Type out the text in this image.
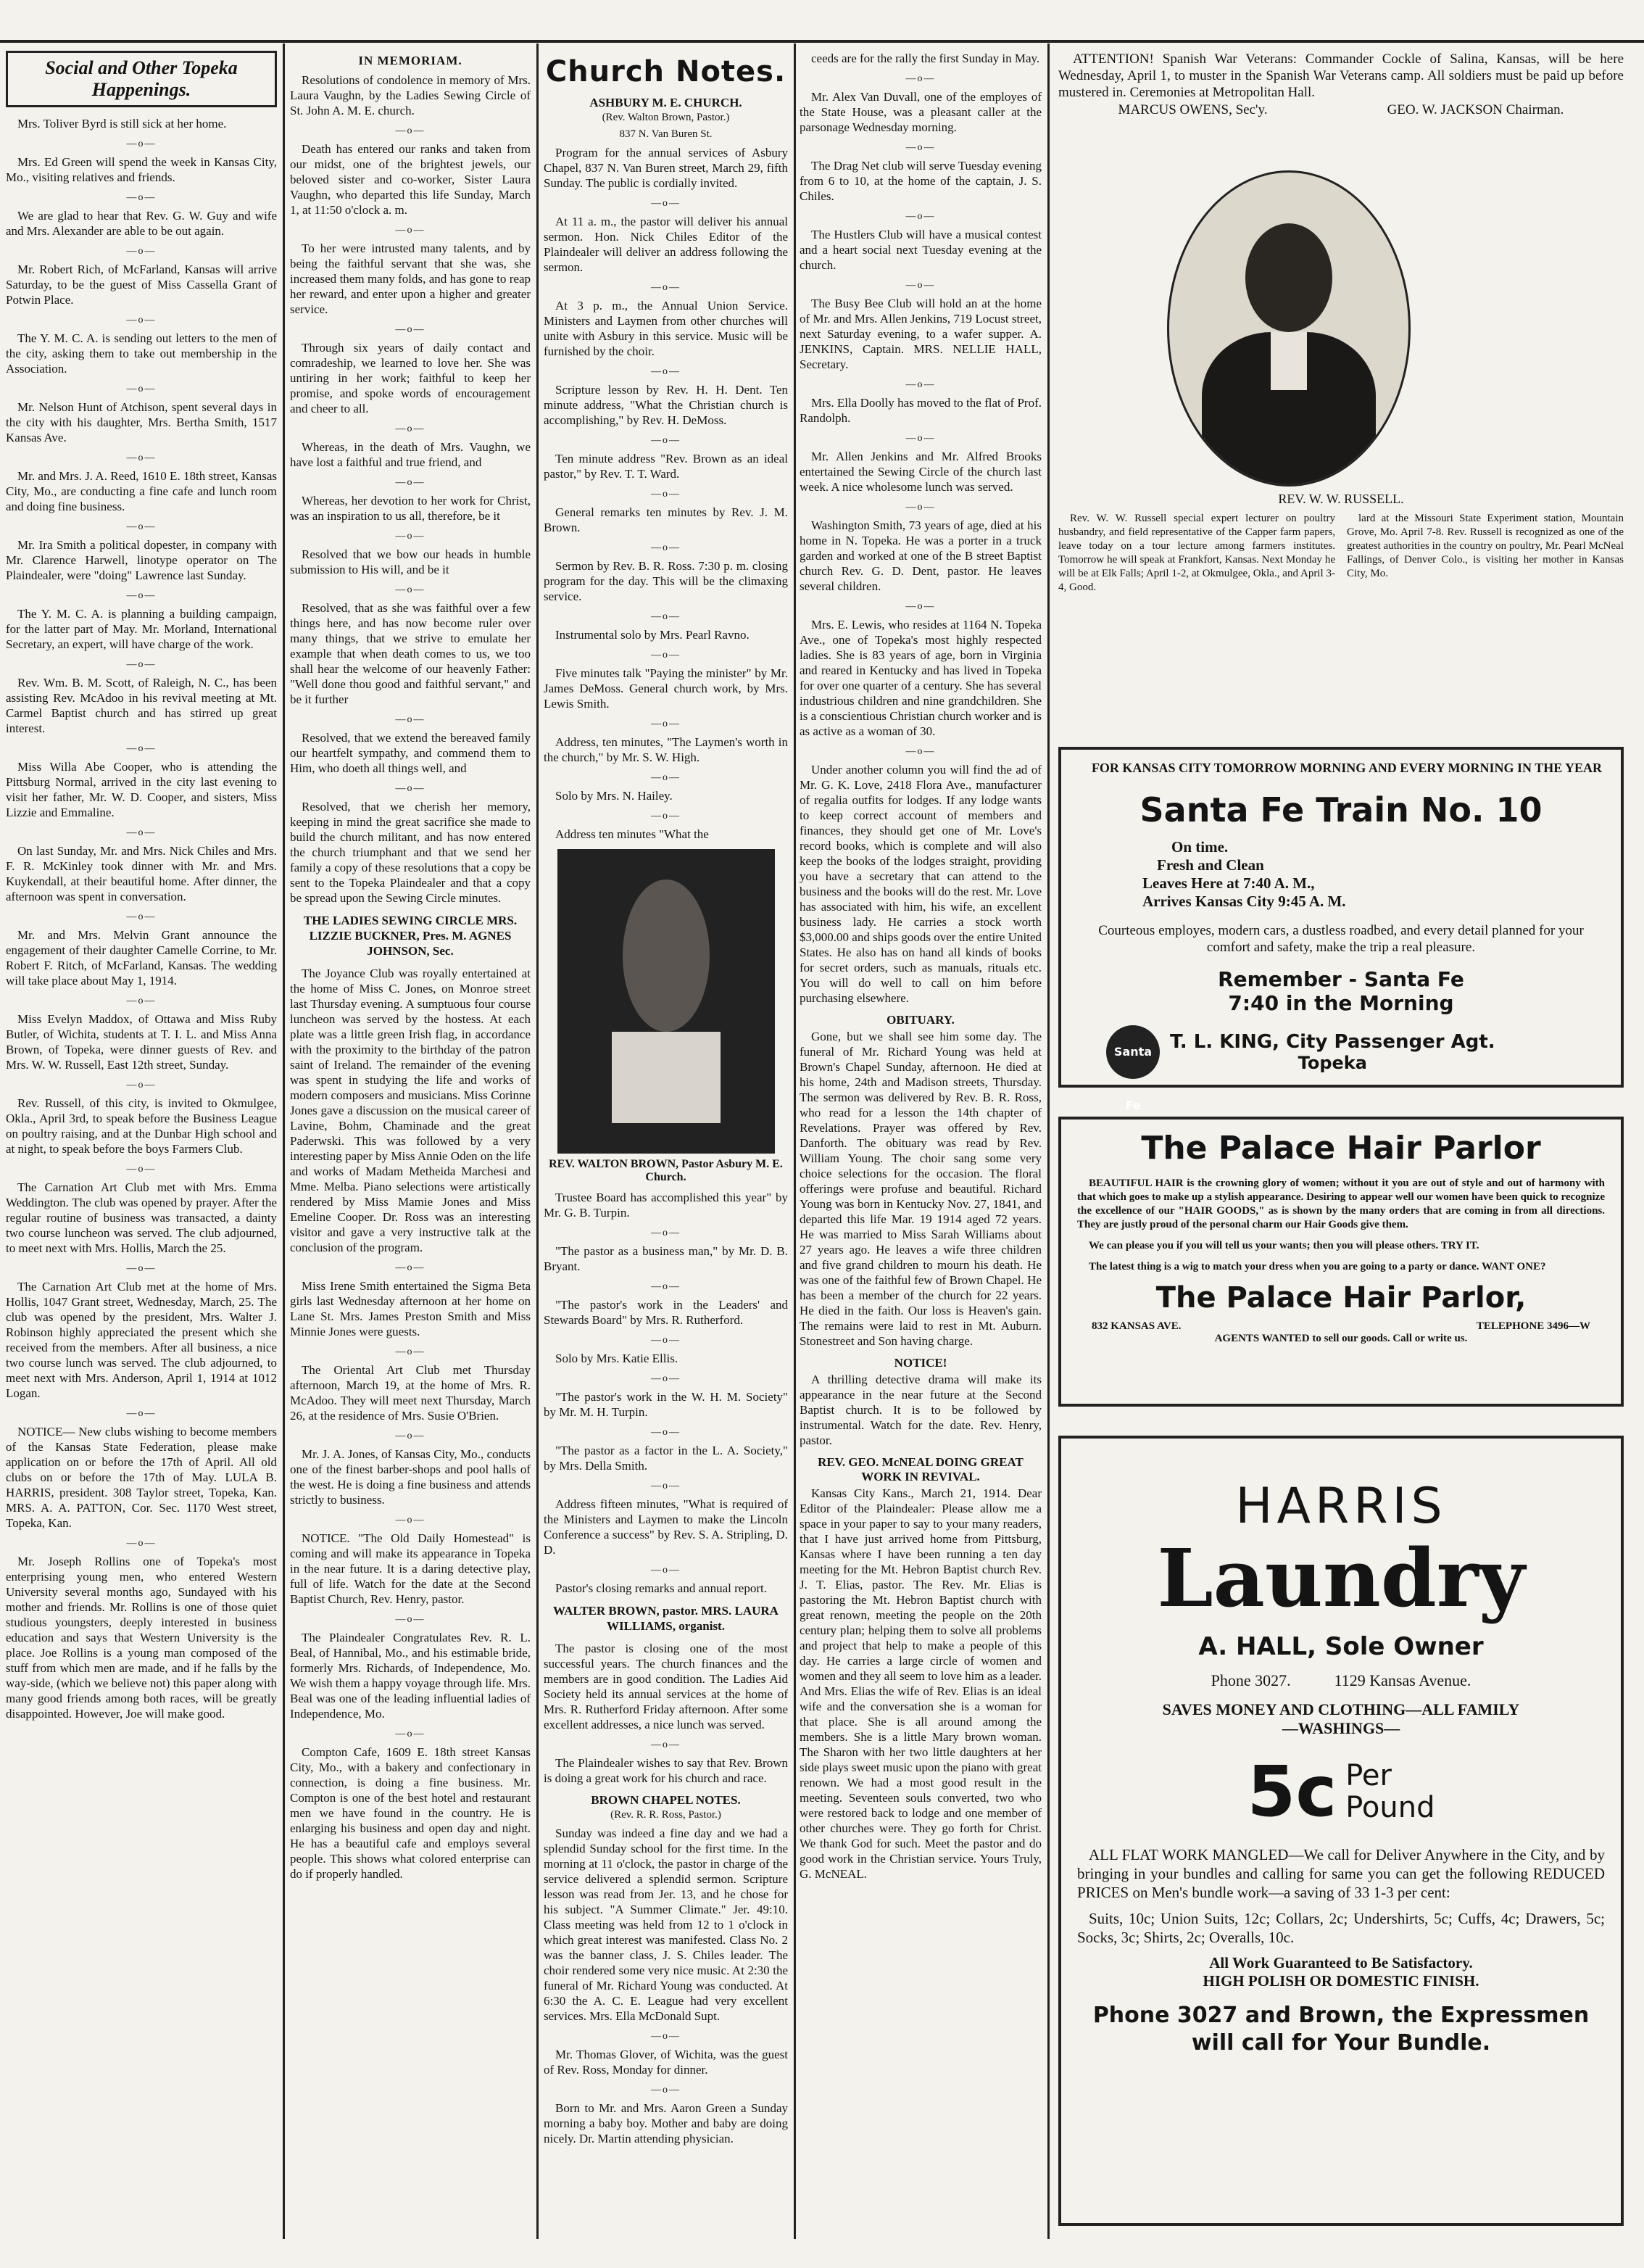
Social and Other Topeka Happenings.

Mrs. Toliver Byrd is still sick at her home.

—o—

Mrs. Ed Green will spend the week in Kansas City, Mo., visiting relatives and friends.

—o—

We are glad to hear that Rev. G. W. Guy and wife and Mrs. Alexander are able to be out again.

—o—

Mr. Robert Rich, of McFarland, Kansas will arrive Saturday, to be the guest of Miss Cassella Grant of Potwin Place.

—o—

The Y. M. C. A. is sending out letters to the men of the city, asking them to take out membership in the Association.

—o—

Mr. Nelson Hunt of Atchison, spent several days in the city with his daughter, Mrs. Bertha Smith, 1517 Kansas Ave.

—o—

Mr. and Mrs. J. A. Reed, 1610 E. 18th street, Kansas City, Mo., are conducting a fine cafe and lunch room and doing fine business.

—o—

Mr. Ira Smith a political dopester, in company with Mr. Clarence Harwell, linotype operator on The Plaindealer, were "doing" Lawrence last Sunday.

—o—

The Y. M. C. A. is planning a building campaign, for the latter part of May. Mr. Morland, International Secretary, an expert, will have charge of the work.

—o—

Rev. Wm. B. M. Scott, of Raleigh, N. C., has been assisting Rev. McAdoo in his revival meeting at Mt. Carmel Baptist church and has stirred up great interest.

—o—

Miss Willa Abe Cooper, who is attending the Pittsburg Normal, arrived in the city last evening to visit her father, Mr. W. D. Cooper, and sisters, Miss Lizzie and Emmaline.

—o—

On last Sunday, Mr. and Mrs. Nick Chiles and Mrs. F. R. McKinley took dinner with Mr. and Mrs. Kuykendall, at their beautiful home. After dinner, the afternoon was spent in conversation.

—o—

Mr. and Mrs. Melvin Grant announce the engagement of their daughter Camelle Corrine, to Mr. Robert F. Ritch, of McFarland, Kansas. The wedding will take place about May 1, 1914.

—o—

Miss Evelyn Maddox, of Ottawa and Miss Ruby Butler, of Wichita, students at T. I. L. and Miss Anna Brown, of Topeka, were dinner guests of Rev. and Mrs. W. W. Russell, East 12th street, Sunday.

—o—

Rev. Russell, of this city, is invited to Okmulgee, Okla., April 3rd, to speak before the Business League on poultry raising, and at the Dunbar High school and at night, to speak before the boys Farmers Club.

—o—

The Carnation Art Club met with Mrs. Emma Weddington. The club was opened by prayer. After the regular routine of business was transacted, a dainty two course luncheon was served. The club adjourned, to meet next with Mrs. Hollis, March the 25.

—o—

The Carnation Art Club met at the home of Mrs. Hollis, 1047 Grant street, Wednesday, March, 25. The club was opened by the president, Mrs. Walter J. Robinson highly appreciated the present which she received from the members. After all business, a nice two course lunch was served. The club adjourned, to meet next with Mrs. Anderson, April 1, 1914 at 1012 Logan.

—o—

NOTICE— New clubs wishing to become members of the Kansas State Federation, please make application on or before the 17th of April. All old clubs on or before the 17th of May. LULA B. HARRIS, president. 308 Taylor street, Topeka, Kan. MRS. A. A. PATTON, Cor. Sec. 1170 West street, Topeka, Kan.

—o—

Mr. Joseph Rollins one of Topeka's most enterprising young men, who entered Western University several months ago, Sundayed with his mother and friends. Mr. Rollins is one of those quiet studious youngsters, deeply interested in business education and says that Western University is the place. Joe Rollins is a young man composed of the stuff from which men are made, and if he falls by the way-side, (which we believe not) this paper along with many good friends among both races, will be greatly disappointed. However, Joe will make good.

IN MEMORIAM.

Resolutions of condolence in memory of Mrs. Laura Vaughn, by the Ladies Sewing Circle of St. John A. M. E. church.

—o—

Death has entered our ranks and taken from our midst, one of the brightest jewels, our beloved sister and co-worker, Sister Laura Vaughn, who departed this life Sunday, March 1, at 11:50 o'clock a. m.

—o—

To her were intrusted many talents, and by being the faithful servant that she was, she increased them many folds, and has gone to reap her reward, and enter upon a higher and greater service.

—o—

Through six years of daily contact and comradeship, we learned to love her. She was untiring in her work; faithful to keep her promise, and spoke words of encouragement and cheer to all.

—o—

Whereas, in the death of Mrs. Vaughn, we have lost a faithful and true friend, and

—o—

Whereas, her devotion to her work for Christ, was an inspiration to us all, therefore, be it

—o—

Resolved that we bow our heads in humble submission to His will, and be it

—o—

Resolved, that as she was faithful over a few things here, and has now become ruler over many things, that we strive to emulate her example that when death comes to us, we too shall hear the welcome of our heavenly Father: "Well done thou good and faithful servant," and be it further

—o—

Resolved, that we extend the bereaved family our heartfelt sympathy, and commend them to Him, who doeth all things well, and

—o—

Resolved, that we cherish her memory, keeping in mind the great sacrifice she made to build the church militant, and has now entered the church triumphant and that we send her family a copy of these resolutions that a copy be sent to the Topeka Plaindealer and that a copy be spread upon the Sewing Circle minutes.

THE LADIES SEWING CIRCLE MRS. LIZZIE BUCKNER, Pres. M. AGNES JOHNSON, Sec.

The Joyance Club was royally entertained at the home of Miss C. Jones, on Monroe street last Thursday evening. A sumptuous four course luncheon was served by the hostess. At each plate was a little green Irish flag, in accordance with the proximity to the birthday of the patron saint of Ireland. The remainder of the evening was spent in studying the life and works of modern composers and musicians. Miss Corinne Jones gave a discussion on the musical career of Lavine, Bohm, Chaminade and the great Paderwski. This was followed by a very interesting paper by Miss Annie Oden on the life and works of Madam Metheida Marchesi and Mme. Melba. Piano selections were artistically rendered by Miss Mamie Jones and Miss Emeline Cooper. Dr. Ross was an interesting visitor and gave a very instructive talk at the conclusion of the program.

—o—

Miss Irene Smith entertained the Sigma Beta girls last Wednesday afternoon at her home on Lane St. Mrs. James Preston Smith and Miss Minnie Jones were guests.

—o—

The Oriental Art Club met Thursday afternoon, March 19, at the home of Mrs. R. McAdoo. They will meet next Thursday, March 26, at the residence of Mrs. Susie O'Brien.

—o—

Mr. J. A. Jones, of Kansas City, Mo., conducts one of the finest barber-shops and pool halls of the west. He is doing a fine business and attends strictly to business.

—o—

NOTICE. "The Old Daily Homestead" is coming and will make its appearance in Topeka in the near future. It is a daring detective play, full of life. Watch for the date at the Second Baptist Church, Rev. Henry, pastor.

—o—

The Plaindealer Congratulates Rev. R. L. Beal, of Hannibal, Mo., and his estimable bride, formerly Mrs. Richards, of Independence, Mo. We wish them a happy voyage through life. Mrs. Beal was one of the leading influential ladies of Independence, Mo.

—o—

Compton Cafe, 1609 E. 18th street Kansas City, Mo., with a bakery and confectionary in connection, is doing a fine business. Mr. Compton is one of the best hotel and restaurant men we have found in the country. He is enlarging his business and open day and night. He has a beautiful cafe and employs several people. This shows what colored enterprise can do if properly handled.

Church Notes.
ASHBURY M. E. CHURCH.
(Rev. Walton Brown, Pastor.)
837 N. Van Buren St.

Program for the annual services of Asbury Chapel, 837 N. Van Buren street, March 29, fifth Sunday. The public is cordially invited.

—o—

At 11 a. m., the pastor will deliver his annual sermon. Hon. Nick Chiles Editor of the Plaindealer will deliver an address following the sermon.

—o—

At 3 p. m., the Annual Union Service. Ministers and Laymen from other churches will unite with Asbury in this service. Music will be furnished by the choir.

—o—

Scripture lesson by Rev. H. H. Dent. Ten minute address, "What the Christian church is accomplishing," by Rev. H. DeMoss.

—o—

Ten minute address "Rev. Brown as an ideal pastor," by Rev. T. T. Ward.

—o—

General remarks ten minutes by Rev. J. M. Brown.

—o—

Sermon by Rev. B. R. Ross. 7:30 p. m. closing program for the day. This will be the climaxing service.

—o—

Instrumental solo by Mrs. Pearl Ravno.

—o—

Five minutes talk "Paying the minister" by Mr. James DeMoss. General church work, by Mrs. Lewis Smith.

—o—

Address, ten minutes, "The Laymen's worth in the church," by Mr. S. W. High.

—o—

Solo by Mrs. N. Hailey.

—o—

Address ten minutes "What the

REV. WALTON BROWN, Pastor Asbury M. E. Church.

Trustee Board has accomplished this year" by Mr. G. B. Turpin.

—o—

"The pastor as a business man," by Mr. D. B. Bryant.

—o—

"The pastor's work in the Leaders' and Stewards Board" by Mrs. R. Rutherford.

—o—

Solo by Mrs. Katie Ellis.

—o—

"The pastor's work in the W. H. M. Society" by Mr. M. H. Turpin.

—o—

"The pastor as a factor in the L. A. Society," by Mrs. Della Smith.

—o—

Address fifteen minutes, "What is required of the Ministers and Laymen to make the Lincoln Conference a success" by Rev. S. A. Stripling, D. D.

—o—

Pastor's closing remarks and annual report.

WALTER BROWN, pastor. MRS. LAURA WILLIAMS, organist.

The pastor is closing one of the most successful years. The church finances and the members are in good condition. The Ladies Aid Society held its annual services at the home of Mrs. R. Rutherford Friday afternoon. After some excellent addresses, a nice lunch was served.

—o—

The Plaindealer wishes to say that Rev. Brown is doing a great work for his church and race.

BROWN CHAPEL NOTES.
(Rev. R. R. Ross, Pastor.)

Sunday was indeed a fine day and we had a splendid Sunday school for the first time. In the morning at 11 o'clock, the pastor in charge of the service delivered a splendid sermon. Scripture lesson was read from Jer. 13, and he chose for his subject. "A Summer Climate." Jer. 49:10. Class meeting was held from 12 to 1 o'clock in which great interest was manifested. Class No. 2 was the banner class, J. S. Chiles leader. The choir rendered some very nice music. At 2:30 the funeral of Mr. Richard Young was conducted. At 6:30 the A. C. E. League had very excellent services. Mrs. Ella McDonald Supt.

—o—

Mr. Thomas Glover, of Wichita, was the guest of Rev. Ross, Monday for dinner.

—o—

Born to Mr. and Mrs. Aaron Green a Sunday morning a baby boy. Mother and baby are doing nicely. Dr. Martin attending physician.

ceeds are for the rally the first Sunday in May.

—o—

Mr. Alex Van Duvall, one of the employes of the State House, was a pleasant caller at the parsonage Wednesday morning.

—o—

The Drag Net club will serve Tuesday evening from 6 to 10, at the home of the captain, J. S. Chiles.

—o—

The Hustlers Club will have a musical contest and a heart social next Tuesday evening at the church.

—o—

The Busy Bee Club will hold an at the home of Mr. and Mrs. Allen Jenkins, 719 Locust street, next Saturday evening, to a wafer supper. A. JENKINS, Captain. MRS. NELLIE HALL, Secretary.

—o—

Mrs. Ella Doolly has moved to the flat of Prof. Randolph.

—o—

Mr. Allen Jenkins and Mr. Alfred Brooks entertained the Sewing Circle of the church last week. A nice wholesome lunch was served.

—o—

Washington Smith, 73 years of age, died at his home in N. Topeka. He was a porter in a truck garden and worked at one of the B street Baptist church Rev. G. D. Dent, pastor. He leaves several children.

—o—

Mrs. E. Lewis, who resides at 1164 N. Topeka Ave., one of Topeka's most highly respected ladies. She is 83 years of age, born in Virginia and reared in Kentucky and has lived in Topeka for over one quarter of a century. She has several industrious children and nine grandchildren. She is a conscientious Christian church worker and is as active as a woman of 30.

—o—

Under another column you will find the ad of Mr. G. K. Love, 2418 Flora Ave., manufacturer of regalia outfits for lodges. If any lodge wants to keep correct account of members and finances, they should get one of Mr. Love's record books, which is complete and will also keep the books of the lodges straight, providing you have a secretary that can attend to the business and the books will do the rest. Mr. Love has associated with him, his wife, an excellent business lady. He carries a stock worth $3,000.00 and ships goods over the entire United States. He also has on hand all kinds of books for secret orders, such as manuals, rituals etc. You will do well to call on him before purchasing elsewhere.

OBITUARY.

Gone, but we shall see him some day. The funeral of Mr. Richard Young was held at Brown's Chapel Sunday, afternoon. He died at his home, 24th and Madison streets, Thursday. The sermon was delivered by Rev. B. R. Ross, who read for a lesson the 14th chapter of Revelations. Prayer was offered by Rev. Danforth. The obituary was read by Rev. William Young. The choir sang some very choice selections for the occasion. The floral offerings were profuse and beautiful. Richard Young was born in Kentucky Nov. 27, 1841, and departed this life Mar. 19 1914 aged 72 years. He was married to Miss Sarah Williams about 27 years ago. He leaves a wife three children and five grand children to mourn his death. He was one of the faithful few of Brown Chapel. He has been a member of the church for 22 years. He died in the faith. Our loss is Heaven's gain. The remains were laid to rest in Mt. Auburn. Stonestreet and Son having charge.

NOTICE!

A thrilling detective drama will make its appearance in the near future at the Second Baptist church. It is to be followed by instrumental. Watch for the date. Rev. Henry, pastor.

REV. GEO. McNEAL DOING GREAT WORK IN REVIVAL.

Kansas City Kans., March 21, 1914. Dear Editor of the Plaindealer: Please allow me a space in your paper to say to your many readers, that I have just arrived home from Pittsburg, Kansas where I have been running a ten day meeting for the Mt. Hebron Baptist church Rev. J. T. Elias, pastor. The Rev. Mr. Elias is pastoring the Mt. Hebron Baptist church with great renown, meeting the people on the 20th century plan; helping them to solve all problems and project that help to make a people of this day. He carries a large circle of women and women and they all seem to love him as a leader. And Mrs. Elias the wife of Rev. Elias is an ideal wife and the conversation she is a woman for that place. She is all around among the members. She is a little Mary brown woman. The Sharon with her two little daughters at her side plays sweet music upon the piano with great renown. We had a most good result in the meeting. Seventeen souls converted, two who were restored back to lodge and one member of other churches were. They go forth for Christ. We thank God for such. Meet the pastor and do good work in the Christian service. Yours Truly, G. McNEAL.

ATTENTION! Spanish War Veterans: Commander Cockle of Salina, Kansas, will be here Wednesday, April 1, to muster in the Spanish War Veterans camp. All soldiers must be paid up before mustered in. Ceremonies at Metropolitan Hall.

MARCUS OWENS, Sec'y.	GEO. W. JACKSON Chairman.
REV. W. W. RUSSELL.

Rev. W. W. Russell special expert lecturer on poultry husbandry, and field representative of the Capper farm papers, leave today on a tour lecture among farmers institutes. Tomorrow he will speak at Frankfort, Kansas. Next Monday he will be at Elk Falls; April 1-2, at Okmulgee, Okla., and April 3-4, Good.

lard at the Missouri State Experiment station, Mountain Grove, Mo. April 7-8. Rev. Russell is recognized as one of the greatest authorities in the country on poultry, Mr. Pearl McNeal Fallings, of Denver Colo., is visiting her mother in Kansas City, Mo.

FOR KANSAS CITY TOMORROW MORNING AND EVERY MORNING IN THE YEAR

Santa Fe Train No. 10
On time.
Fresh and Clean
Leaves Here at 7:40 A. M.,
Arrives Kansas City 9:45 A. M.

Courteous employes, modern cars, a dustless roadbed, and every detail planned for your comfort and safety, make the trip a real pleasure.

Remember - Santa Fe
7:40 in the Morning
Santa Fe
T. L. KING, City Passenger Agt.
Topeka
The Palace Hair Parlor

BEAUTIFUL HAIR is the crowning glory of women; without it you are out of style and out of harmony with that which goes to make up a stylish appearance. Desiring to appear well our women have been quick to recognize the excellence of our "HAIR GOODS," as is shown by the many orders that are coming in from all directions. They are justly proud of the personal charm our Hair Goods give them.

We can please you if you will tell us your wants; then you will please others. TRY IT.

The latest thing is a wig to match your dress when you are going to a party or dance. WANT ONE?

The Palace Hair Parlor,
832 KANSAS AVE.	TELEPHONE 3496—W
AGENTS WANTED to sell our goods. Call or write us.
HARRIS
Laundry
A. HALL, Sole Owner
Phone 3027.	1129 Kansas Avenue.
SAVES MONEY AND CLOTHING—ALL FAMILY
—WASHINGS—
5c Per
Pound

ALL FLAT WORK MANGLED—We call for Deliver Anywhere in the City, and by bringing in your bundles and calling for same you can get the following REDUCED PRICES on Men's bundle work—a saving of 33 1-3 per cent:

Suits, 10c; Union Suits, 12c; Collars, 2c; Undershirts, 5c; Cuffs, 4c; Drawers, 5c; Socks, 3c; Shirts, 2c; Overalls, 10c.

All Work Guaranteed to Be Satisfactory.
HIGH POLISH OR DOMESTIC FINISH.
Phone 3027 and Brown, the Expressmen will call for Your Bundle.
